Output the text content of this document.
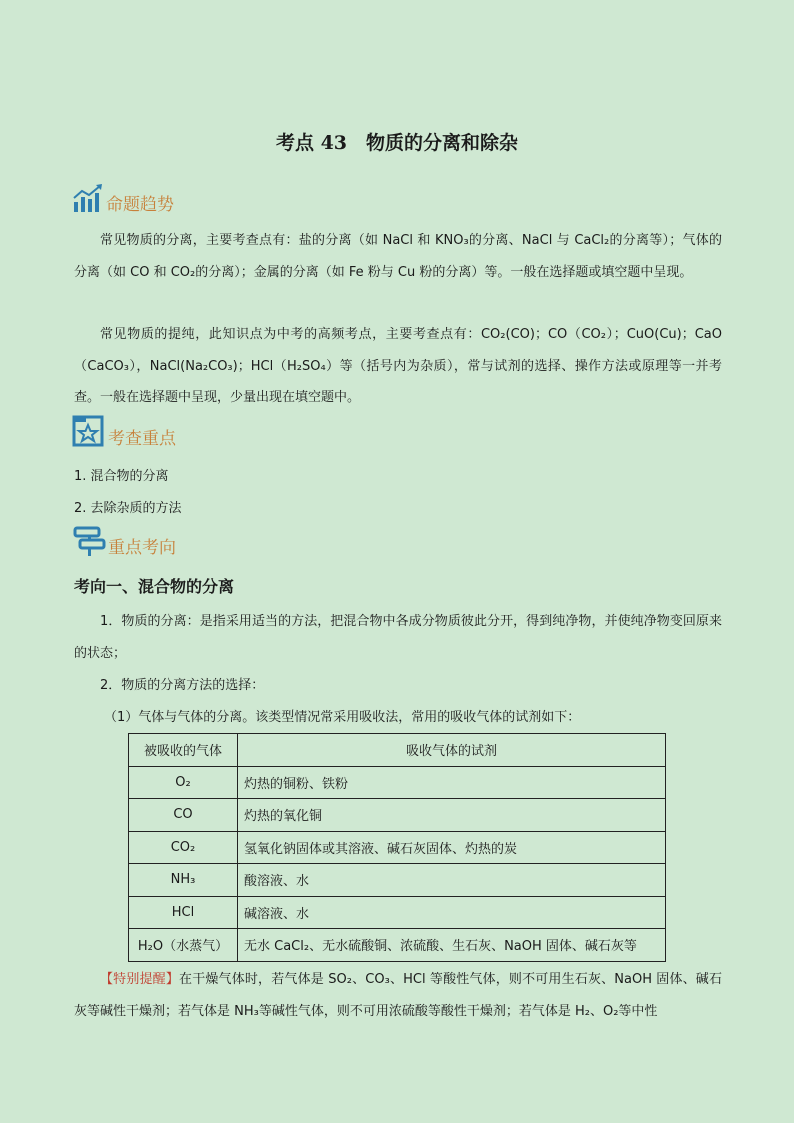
考点 43　物质的分离和除杂
命题趋势
常见物质的分离，主要考查点有：盐的分离（如 NaCl 和 KNO₃的分离、NaCl 与 CaCl₂的分离等）；气体的分离（如 CO 和 CO₂的分离）；金属的分离（如 Fe 粉与 Cu 粉的分离）等。一般在选择题或填空题中呈现。
常见物质的提纯，此知识点为中考的高频考点，主要考查点有：CO₂(CO)；CO（CO₂）；CuO(Cu)；CaO（CaCO₃），NaCl(Na₂CO₃)；HCl（H₂SO₄）等（括号内为杂质），常与试剂的选择、操作方法或原理等一并考查。一般在选择题中呈现，少量出现在填空题中。
考查重点
1. 混合物的分离
2. 去除杂质的方法
重点考向
考向一、混合物的分离
1．物质的分离：是指采用适当的方法，把混合物中各成分物质彼此分开，得到纯净物，并使纯净物变回原来的状态；
2．物质的分离方法的选择：
（1）气体与气体的分离。该类型情况常采用吸收法，常用的吸收气体的试剂如下：
被吸收的气体	吸收气体的试剂
O₂	灼热的铜粉、铁粉
CO	灼热的氧化铜
CO₂	氢氧化钠固体或其溶液、碱石灰固体、灼热的炭
NH₃	酸溶液、水
HCl	碱溶液、水
H₂O（水蒸气）	无水 CaCl₂、无水硫酸铜、浓硫酸、生石灰、NaOH 固体、碱石灰等
【特别提醒】在干燥气体时，若气体是 SO₂、CO₃、HCl 等酸性气体，则不可用生石灰、NaOH 固体、碱石灰等碱性干燥剂；若气体是 NH₃等碱性气体，则不可用浓硫酸等酸性干燥剂；若气体是 H₂、O₂等中性
